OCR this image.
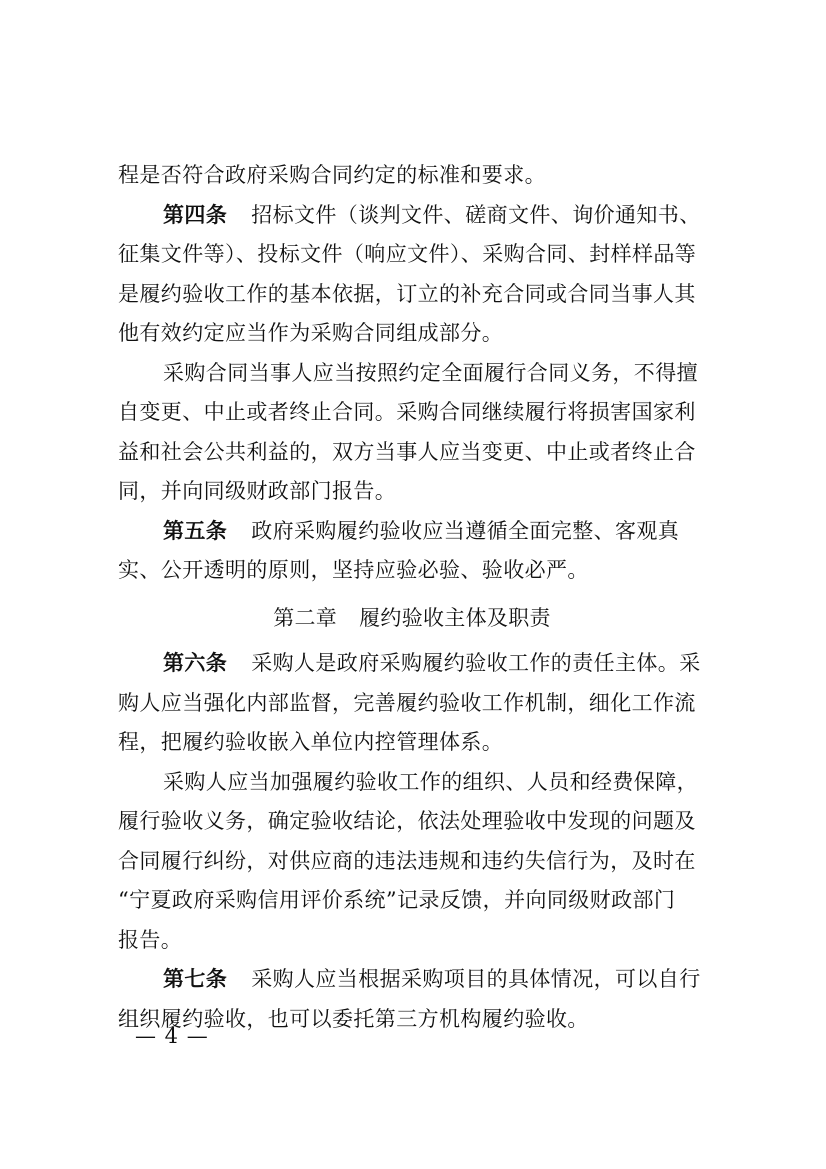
程是否符合政府采购合同约定的标准和要求。
第四条 招标文件（谈判文件、磋商文件、询价通知书、
征集文件等）、投标文件（响应文件）、采购合同、封样样品等
是履约验收工作的基本依据，订立的补充合同或合同当事人其
他有效约定应当作为采购合同组成部分。
采购合同当事人应当按照约定全面履行合同义务，不得擅
自变更、中止或者终止合同。采购合同继续履行将损害国家利
益和社会公共利益的，双方当事人应当变更、中止或者终止合
同，并向同级财政部门报告。
第五条 政府采购履约验收应当遵循全面完整、客观真
实、公开透明的原则，坚持应验必验、验收必严。
第二章 履约验收主体及职责
第六条 采购人是政府采购履约验收工作的责任主体。采
购人应当强化内部监督，完善履约验收工作机制，细化工作流
程，把履约验收嵌入单位内控管理体系。
采购人应当加强履约验收工作的组织、人员和经费保障，
履行验收义务，确定验收结论，依法处理验收中发现的问题及
合同履行纠纷，对供应商的违法违规和违约失信行为，及时在
“宁夏政府采购信用评价系统”记录反馈，并向同级财政部门
报告。
第七条 采购人应当根据采购项目的具体情况，可以自行
组织履约验收，也可以委托第三方机构履约验收。
— 4 —
